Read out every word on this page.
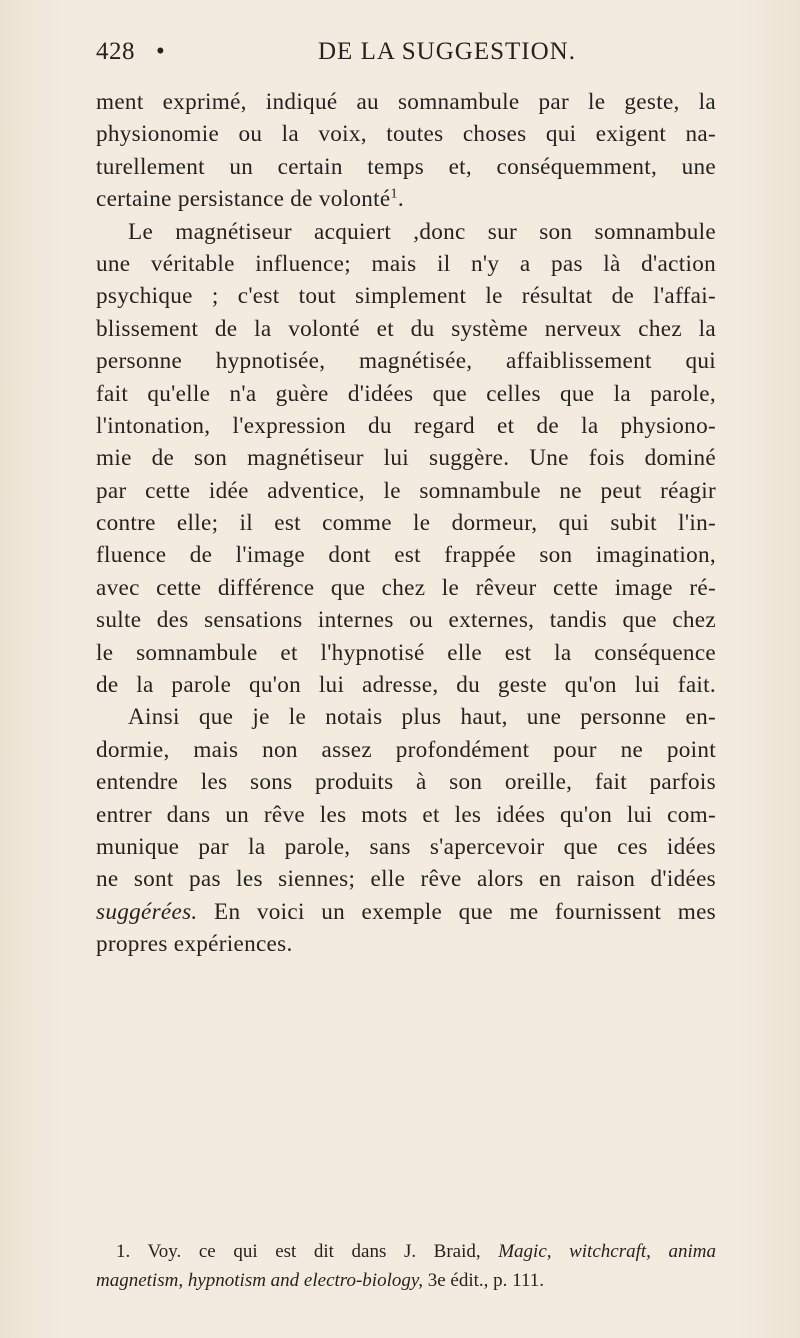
428 •	DE LA SUGGESTION.
ment exprimé, indiqué au somnambule par le geste, la
physionomie ou la voix, toutes choses qui exigent na-
turellement un certain temps et, conséquemment, une
certaine persistance de volonté$^1$.
Le magnétiseur acquiert ,donc sur son somnambule
une véritable influence; mais il n'y a pas là d'action
psychique ; c'est tout simplement le résultat de l'affai-
blissement de la volonté et du système nerveux chez la
personne hypnotisée, magnétisée, affaiblissement qui
fait qu'elle n'a guère d'idées que celles que la parole,
l'intonation, l'expression du regard et de la physiono-
mie de son magnétiseur lui suggère. Une fois dominé
par cette idée adventice, le somnambule ne peut réagir
contre elle; il est comme le dormeur, qui subit l'in-
fluence de l'image dont est frappée son imagination,
avec cette différence que chez le rêveur cette image ré-
sulte des sensations internes ou externes, tandis que chez
le somnambule et l'hypnotisé elle est la conséquence
de la parole qu'on lui adresse, du geste qu'on lui fait.
Ainsi que je le notais plus haut, une personne en-
dormie, mais non assez profondément pour ne point
entendre les sons produits à son oreille, fait parfois
entrer dans un rêve les mots et les idées qu'on lui com-
munique par la parole, sans s'apercevoir que ces idées
ne sont pas les siennes; elle rêve alors en raison d'idées
suggérées. En voici un exemple que me fournissent mes
propres expériences.
1. Voy. ce qui est dit dans J. Braid, Magic, witchcraft, anima
magnetism, hypnotism and electro-biology, 3e édit., p. 111.
